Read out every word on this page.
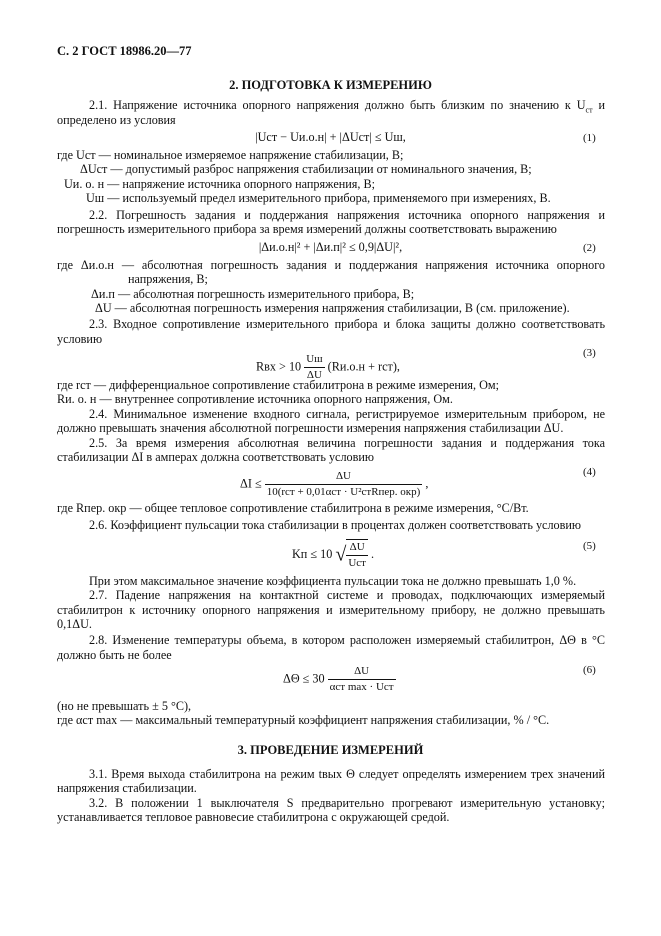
С. 2 ГОСТ 18986.20—77
2. ПОДГОТОВКА К ИЗМЕРЕНИЮ
2.1. Напряжение источника опорного напряжения должно быть близким по значению к $U_{ст}$ и
определено из условия
|Uст − Uи.о.н| + |ΔUст| ≤ Uш,	(1)
где Uст — номинальное измеряемое напряжение стабилизации, В;
ΔUст — допустимый разброс напряжения стабилизации от номинального значения, В;
Uи. о. н — напряжение источника опорного напряжения, В;
Uш — используемый предел измерительного прибора, применяемого при измерениях, В.
2.2. Погрешность задания и поддержания напряжения источника опорного напряжения и
погрешность измерительного прибора за время измерений должны соответствовать выражению
|Δи.о.н|² + |Δи.п|² ≤ 0,9|ΔU|²,	(2)
где Δи.о.н — абсолютная погрешность задания и поддержания напряжения источника опорного
напряжения, В;
Δи.п — абсолютная погрешность измерительного прибора, В;
ΔU — абсолютная погрешность измерения напряжения стабилизации, В (см. приложение).
2.3. Входное сопротивление измерительного прибора и блока защиты должно соответствовать
условию
Rвх > $10 \frac{Uш}{\Delta U} (Rи.о.н + rст)$,
(3)
где rст — дифференциальное сопротивление стабилитрона в режиме измерения, Ом;
Rи. о. н — внутреннее сопротивление источника опорного напряжения, Ом.
2.4. Минимальное изменение входного сигнала, регистрируемое измерительным прибором, не
должно превышать значения абсолютной погрешности измерения напряжения стабилизации ΔU.
2.5. За время измерения абсолютная величина погрешности задания и поддержания тока
стабилизации ΔI в амперах должна соответствовать условию
$\Delta I \le \frac{\Delta U}{\text{10(rст + 0,01αст · U²стRпер. окр)}}$ ,
(4)
где Rпер. окр — общее тепловое сопротивление стабилитрона в режиме измерения, °С/Вт.
2.6. Коэффициент пульсации тока стабилизации в процентах должен соответствовать условию
Kп ≤ 10 √ $\frac{\Delta U}{\text{Uст}}$ .
(5)
При этом максимальное значение коэффициента пульсации тока не должно превышать 1,0 %.
2.7. Падение напряжения на контактной системе и проводах, подключающих измеряемый
стабилитрон к источнику опорного напряжения и измерительному прибору, не должно превышать
0,1ΔU.
2.8. Изменение температуры объема, в котором расположен измеряемый стабилитрон, ΔΘ в °С
должно быть не более
$\Delta\Theta \le 30 \frac{\Delta U}{\text{αст max · Uст}}$	(6)
(но не превышать ± 5 °С),
где αст max — максимальный температурный коэффициент напряжения стабилизации, % / °С.
3. ПРОВЕДЕНИЕ ИЗМЕРЕНИЙ
3.1. Время выхода стабилитрона на режим tвых Θ следует определять измерением трех значений
напряжения стабилизации.
3.2. В положении 1 выключателя S предварительно прогревают измерительную установку;
устанавливается тепловое равновесие стабилитрона с окружающей средой.
